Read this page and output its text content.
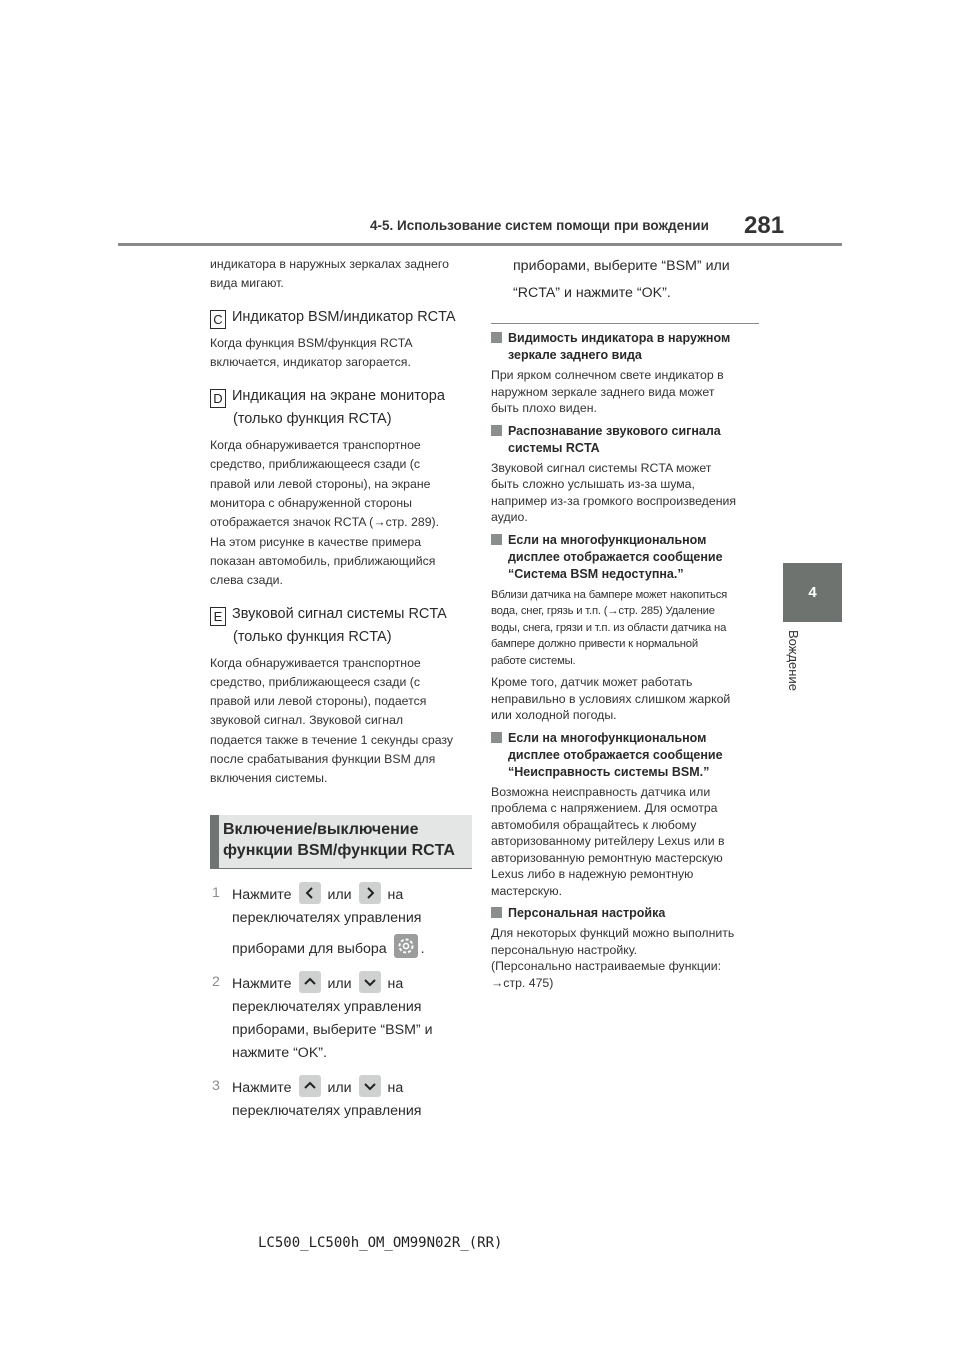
4-5. Использование систем помощи при вождении 281
4
Вождение

индикатора в наружных зеркалах заднего

вида мигают.

C Индикатор BSM/индикатор RCTA

Когда функция BSM/функция RCTA

включается, индикатор загорается.

D Индикация на экране монитора
(только функция RCTA)

Когда обнаруживается транспортное

средство, приближающееся сзади (с

правой или левой стороны), на экране

монитора с обнаруженной стороны

отображается значок RCTA (→стр. 289).

На этом рисунке в качестве примера

показан автомобиль, приближающийся

слева сзади.

E Звуковой сигнал системы RCTA
(только функция RCTA)

Когда обнаруживается транспортное

средство, приближающееся сзади (с

правой или левой стороны), подается

звуковой сигнал. Звуковой сигнал

подается также в течение 1 секунды сразу

после срабатывания функции BSM для

включения системы.

Включение/выключение
функции BSM/функции RCTA
1 Нажмите	или	на
переключателях управления
приборами для выбора .
2 Нажмите	или	на
переключателях управления
приборами, выберите “BSM” и
нажмите “OK”.
3 Нажмите	или	на
переключателях управления
приборами, выберите “BSM” или
“RCTA” и нажмите “OK”.
Видимость индикатора в наружном
зеркале заднего вида
При ярком солнечном свете индикатор в
наружном зеркале заднего вида может
быть плохо виден.
Распознавание звукового сигнала
системы RCTA
Звуковой сигнал системы RCTA может
быть сложно услышать из-за шума,
например из-за громкого воспроизведения
аудио.
Если на многофункциональном
дисплее отображается сообщение
“Система BSM недоступна.”
Вблизи датчика на бампере может накопиться
вода, снег, грязь и т.п. (→стр. 285) Удаление
воды, снега, грязи и т.п. из области датчика на
бампере должно привести к нормальной
работе системы.
Кроме того, датчик может работать
неправильно в условиях слишком жаркой
или холодной погоды.
Если на многофункциональном
дисплее отображается сообщение
“Неисправность системы BSM.”
Возможна неисправность датчика или
проблема с напряжением. Для осмотра
автомобиля обращайтесь к любому
авторизованному ритейлеру Lexus или в
авторизованную ремонтную мастерскую
Lexus либо в надежную ремонтную
мастерскую.
Персональная настройка
Для некоторых функций можно выполнить
персональную настройку.
(Персонально настраиваемые функции:
→стр. 475)
LC500_LC500h_OM_OM99N02R_(RR)
